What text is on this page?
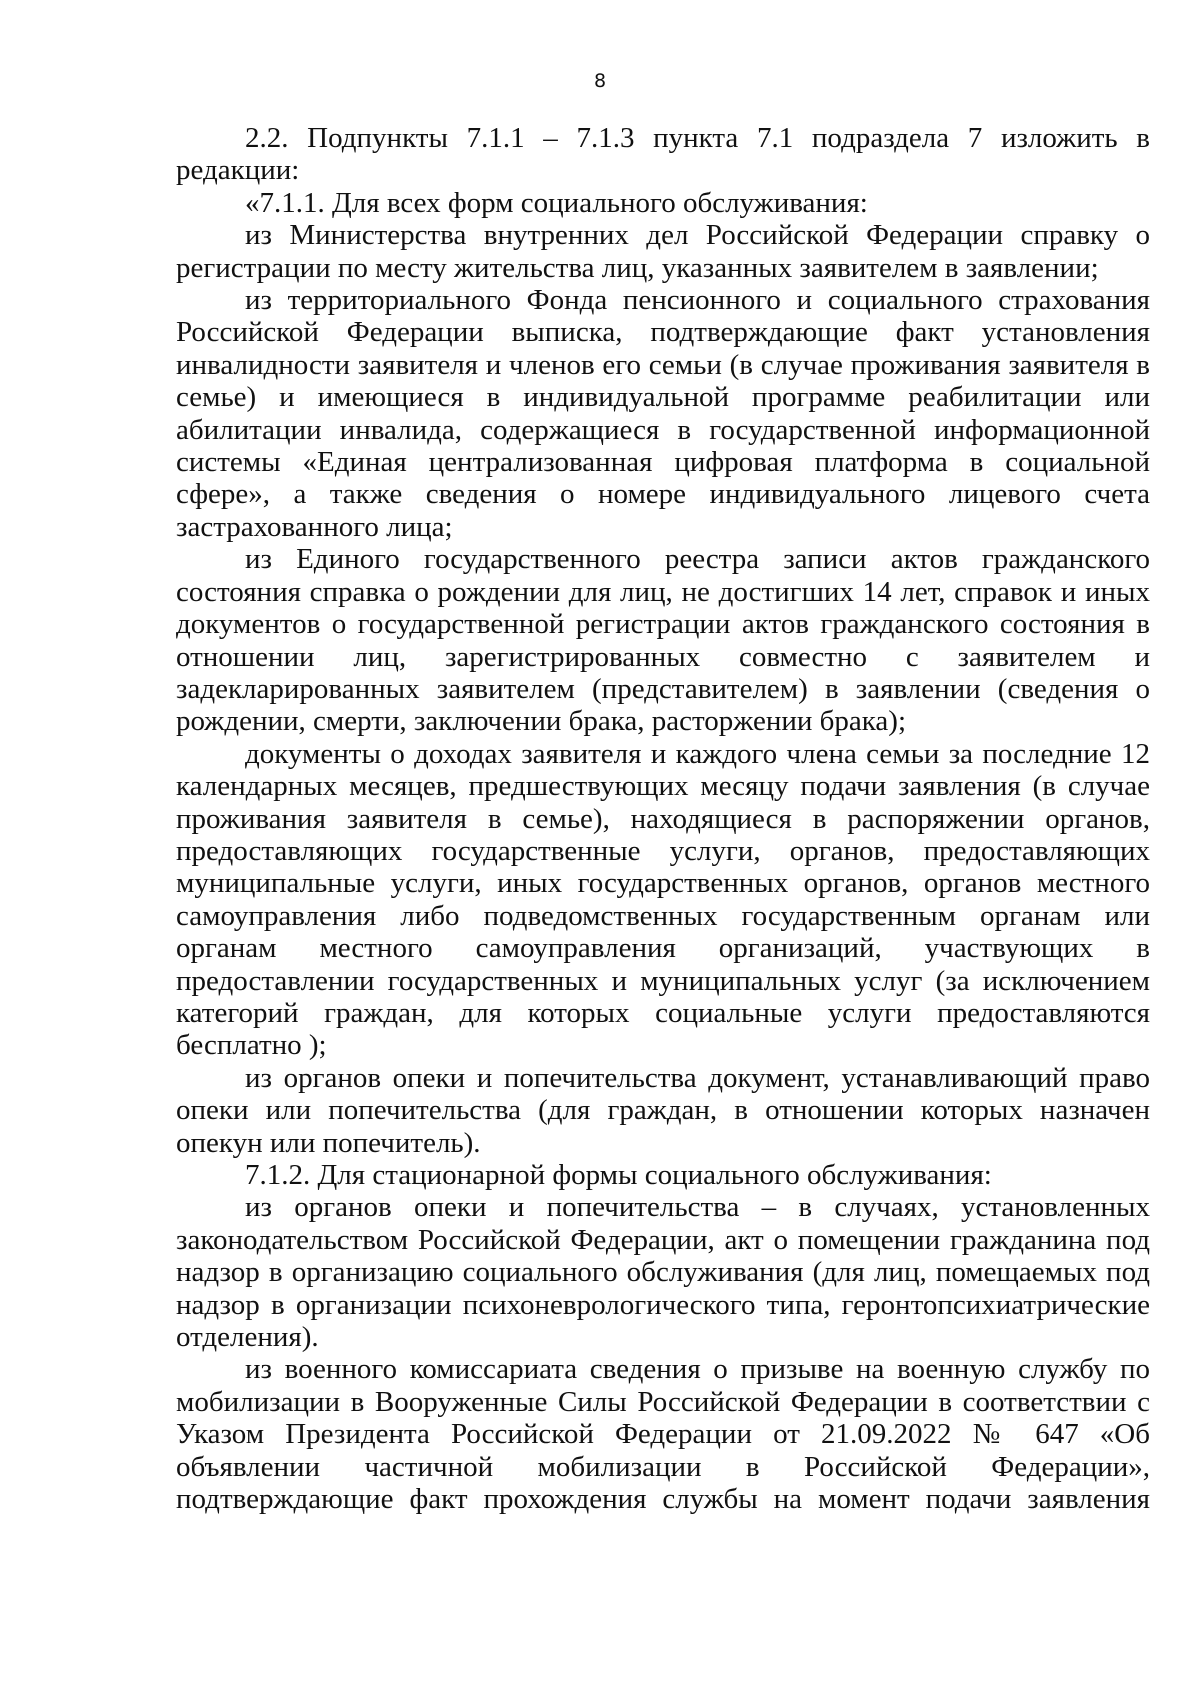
8

2.2. Подпункты 7.1.1 – 7.1.3 пункта 7.1 подраздела 7 изложить в редакции:

«7.1.1. Для всех форм социального обслуживания:

из Министерства внутренних дел Российской Федерации справку о регистрации по месту жительства лиц, указанных заявителем в заявлении;

из территориального Фонда пенсионного и социального страхования Российской Федерации выписка, подтверждающие факт установления инвалидности заявителя и членов его семьи (в случае проживания заявителя в семье) и имеющиеся в индивидуальной программе реабилитации или абилитации инвалида, содержащиеся в государственной информационной системы «Единая централизованная цифровая платформа в социальной сфере», а также сведения о номере индивидуального лицевого счета застрахованного лица;

из Единого государственного реестра записи актов гражданского состояния справка о рождении для лиц, не достигших 14 лет, справок и иных документов о государственной регистрации актов гражданского состояния в отношении лиц, зарегистрированных совместно с заявителем и задекларированных заявителем (представителем) в заявлении (сведения о рождении, смерти, заключении брака, расторжении брака);

документы о доходах заявителя и каждого члена семьи за последние 12 календарных месяцев, предшествующих месяцу подачи заявления (в случае проживания заявителя в семье), находящиеся в распоряжении органов, предоставляющих государственные услуги, органов, предоставляющих муниципальные услуги, иных государственных органов, органов местного самоуправления либо подведомственных государственным органам или органам местного самоуправления организаций, участвующих в предоставлении государственных и муниципальных услуг (за исключением категорий граждан, для которых социальные услуги предоставляются бесплатно );

из органов опеки и попечительства документ, устанавливающий право опеки или попечительства (для граждан, в отношении которых назначен опекун или попечитель).

7.1.2. Для стационарной формы социального обслуживания:

из органов опеки и попечительства – в случаях, установленных законодательством Российской Федерации, акт о помещении гражданина под надзор в организацию социального обслуживания (для лиц, помещаемых под надзор в организации психоневрологического типа, геронтопсихиатрические отделения).

из военного комиссариата сведения о призыве на военную службу по мобилизации в Вооруженные Силы Российской Федерации в соответствии с Указом Президента Российской Федерации от 21.09.2022 № 647 «Об объявлении частичной мобилизации в Российской Федерации», подтверждающие факт прохождения службы на момент подачи заявления
